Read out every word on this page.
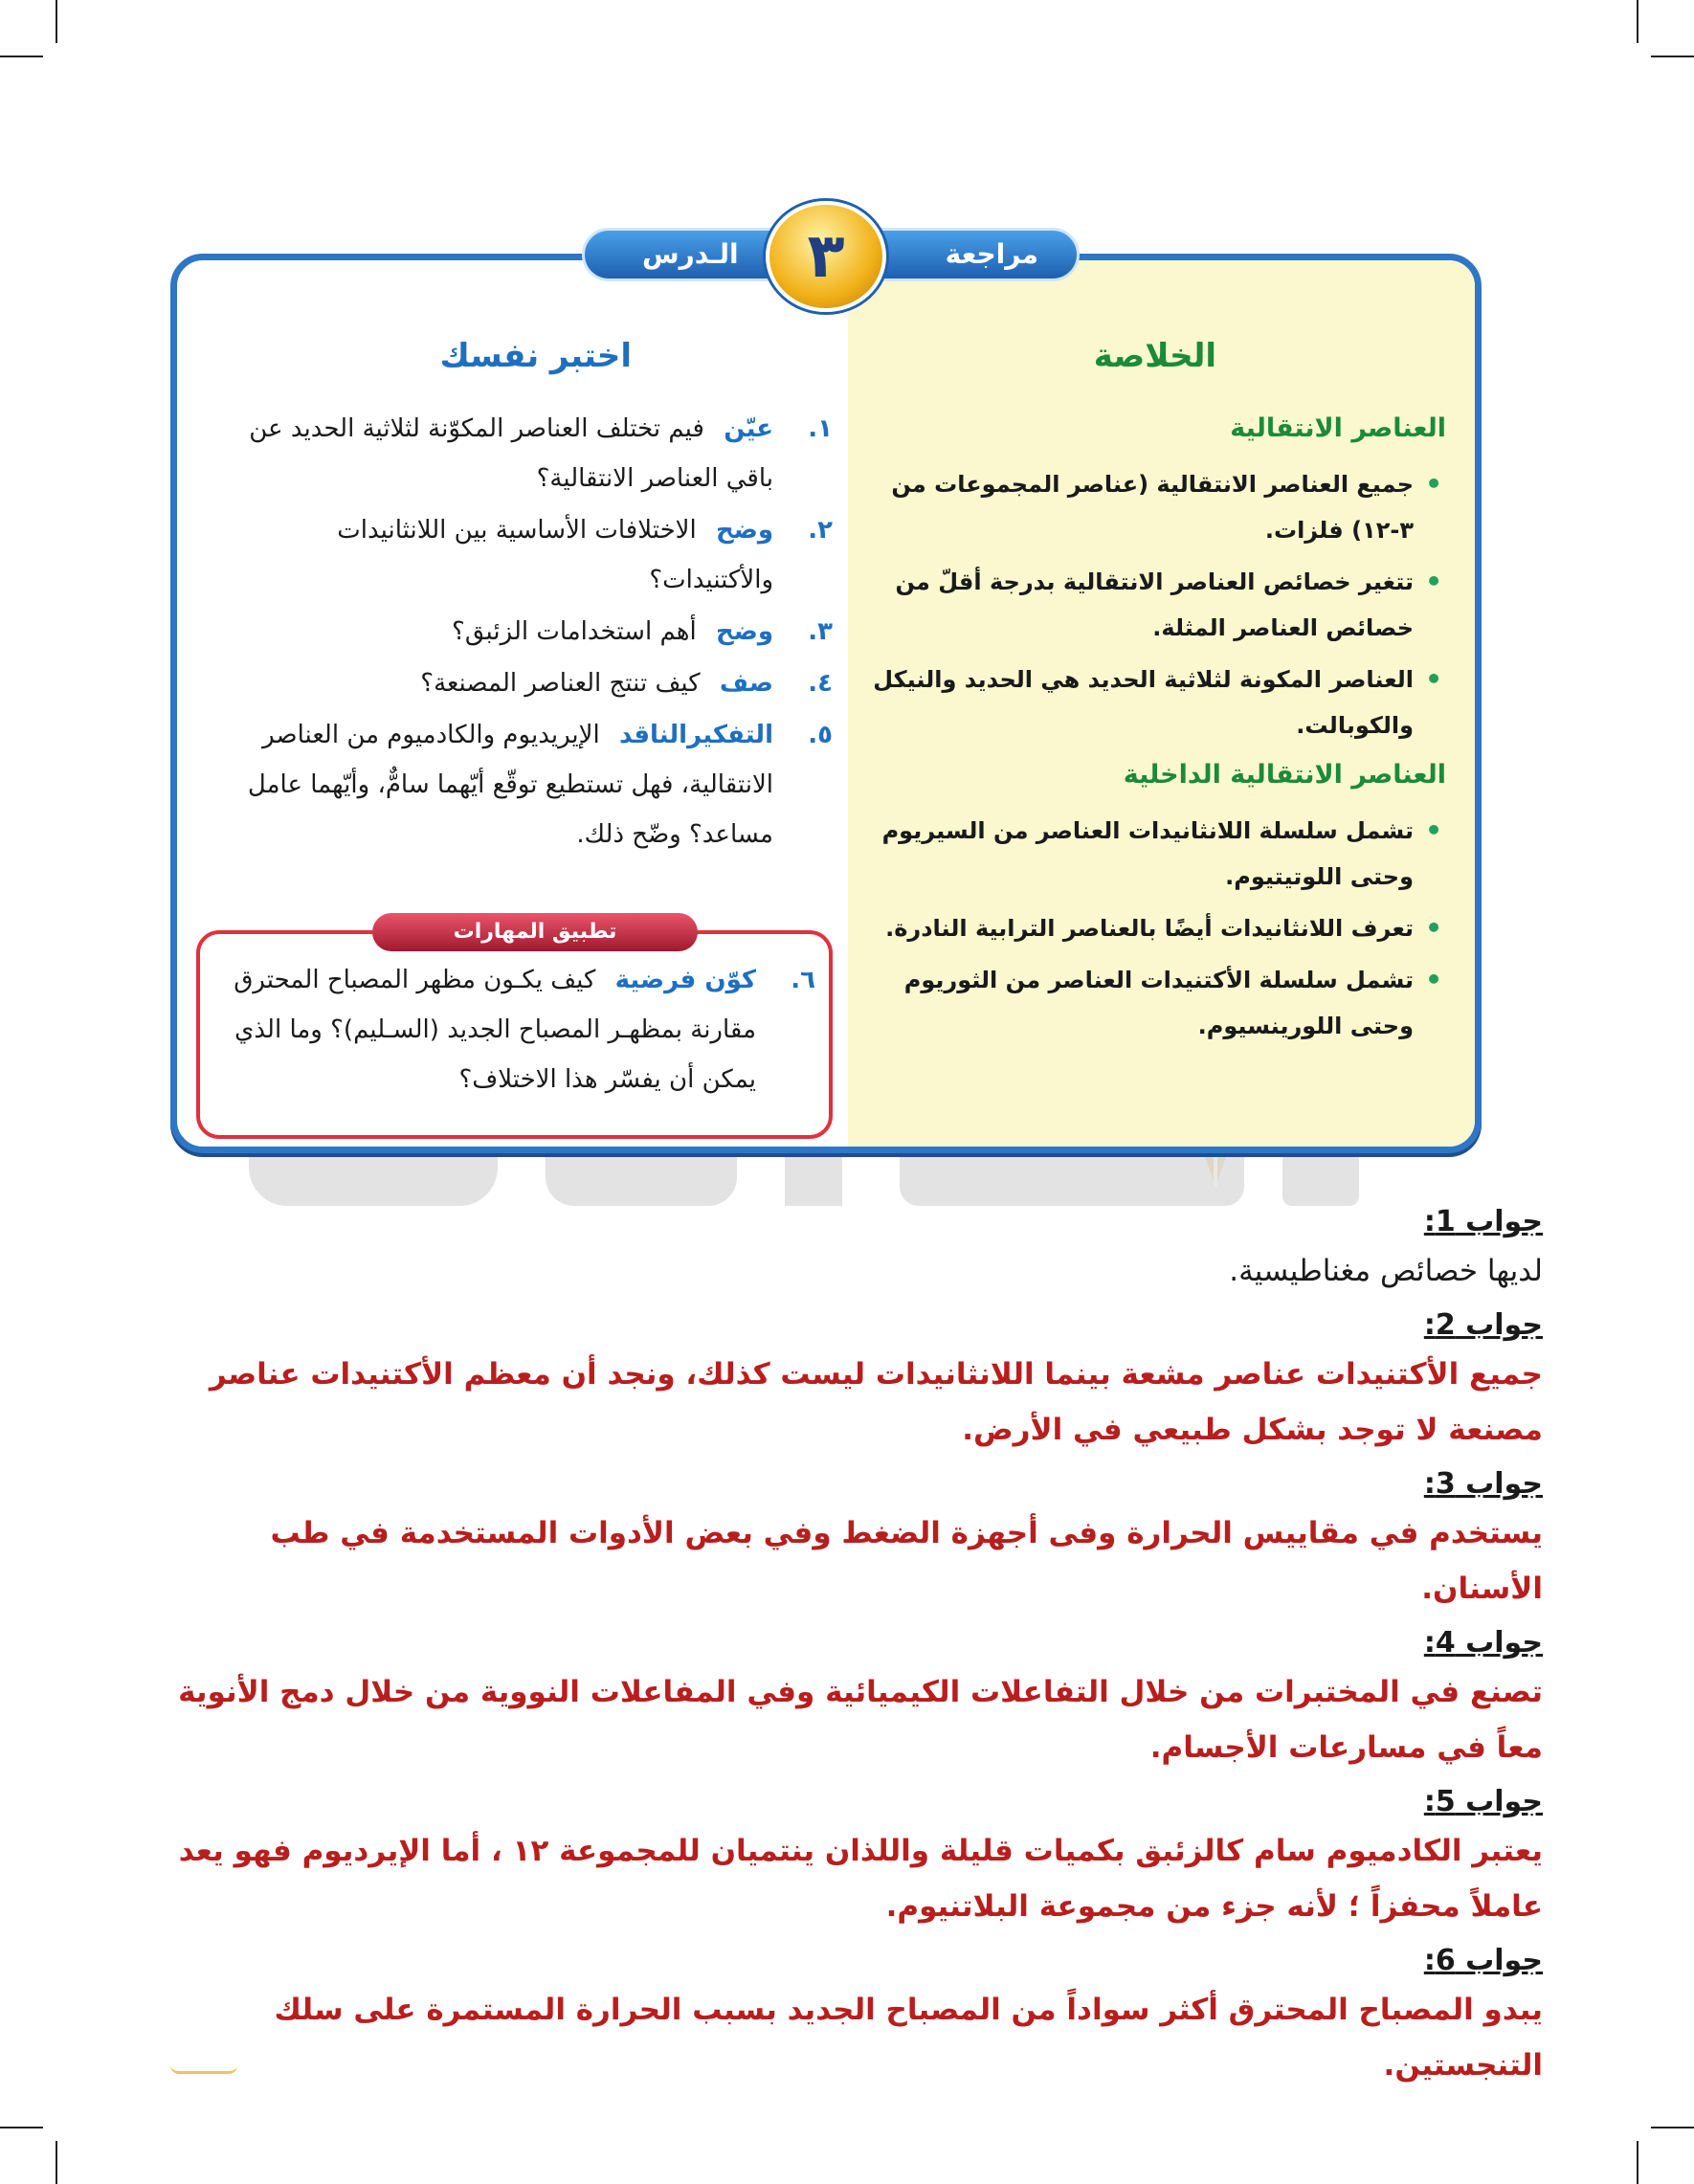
الخلاصة
العناصر الانتقالية
• جميع العناصر الانتقالية (عناصر المجموعات من ٣-١٢) فلزات.
• تتغير خصائص العناصر الانتقالية بدرجة أقلّ من خصائص العناصر المثلة.
• العناصر المكونة لثلاثية الحديد هي الحديد والنيكل والكوبالت.
العناصر الانتقالية الداخلية
• تشمل سلسلة اللانثانيدات العناصر من السيريوم وحتى اللوتيتيوم.
• تعرف اللانثانيدات أيضًا بالعناصر الترابية النادرة.
• تشمل سلسلة الأكتنيدات العناصر من الثوريوم وحتى اللورينسيوم.
اختبر نفسك
١.
عيّن فيم تختلف العناصر المكوّنة لثلاثية الحديد عن باقي العناصر الانتقالية؟
٢.
وضح الاختلافات الأساسية بين اللانثانيدات والأكتنيدات؟
٣.
وضح أهم استخدامات الزئبق؟
٤.
صف كيف تنتج العناصر المصنعة؟
٥.
التفكيرالناقد الإيريديوم والكادميوم من العناصر الانتقالية، فهل تستطيع توقّع أيّهما سامٌّ، وأيّهما عامل مساعد؟ وضّح ذلك.
تطبيق المهارات
٦.
كوّن فرضية كيف يكـون مظهر المصباح المحترق مقارنة بمظهـر المصباح الجديد (السـليم)؟ وما الذي يمكن أن يفسّر هذا الاختلاف؟
مراجعة
الـدرس	٣

جواب 1:

لديها خصائص مغناطيسية.

جواب 2:

جميع الأكتنيدات عناصر مشعة بينما اللانثانيدات ليست كذلك، ونجد أن معظم الأكتنيدات عناصر مصنعة لا توجد بشكل طبيعي في الأرض.

جواب 3:

يستخدم في مقاييس الحرارة وفى أجهزة الضغط وفي بعض الأدوات المستخدمة في طب الأسنان.

جواب 4:

تصنع في المختبرات من خلال التفاعلات الكيميائية وفي المفاعلات النووية من خلال دمج الأنوية معاً في مسارعات الأجسام.

جواب 5:

يعتبر الكادميوم سام كالزئبق بكميات قليلة واللذان ينتميان للمجموعة ١٢ ، أما الإيرديوم فهو يعد عاملاً محفزاً ؛ لأنه جزء من مجموعة البلاتنيوم.

جواب 6:

يبدو المصباح المحترق أكثر سواداً من المصباح الجديد بسبب الحرارة المستمرة على سلك التنجستين.
